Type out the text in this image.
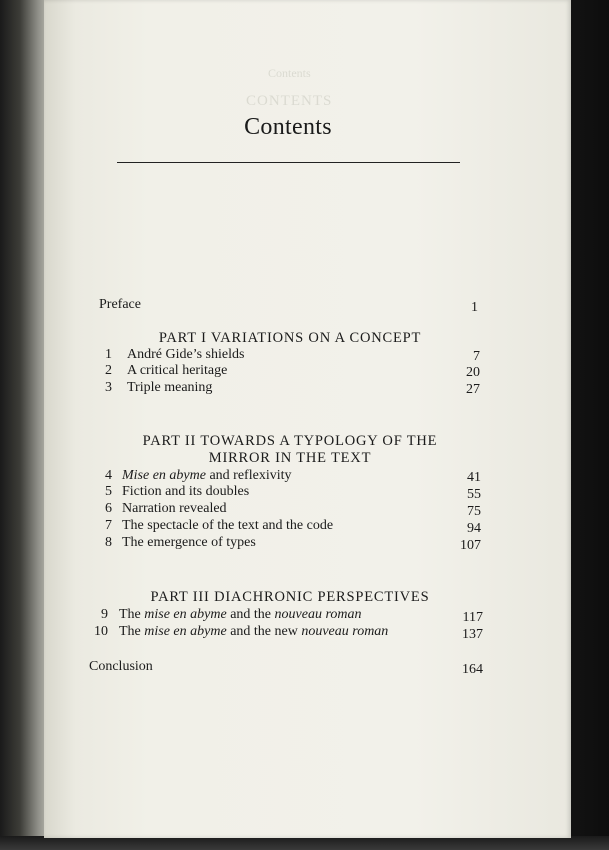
Contents
CONTENTS
Contents
Preface	1
PART I VARIATIONS ON A CONCEPT
1 André Gide’s shields	7
2 A critical heritage	20
3 Triple meaning	27
PART II TOWARDS A TYPOLOGY OF THE
MIRROR IN THE TEXT
4 Mise en abyme and reflexivity	41
5 Fiction and its doubles	55
6 Narration revealed	75
7 The spectacle of the text and the code	94
8 The emergence of types	107
PART III DIACHRONIC PERSPECTIVES
9 The mise en abyme and the nouveau roman	117
10 The mise en abyme and the new nouveau roman	137
Conclusion	164
